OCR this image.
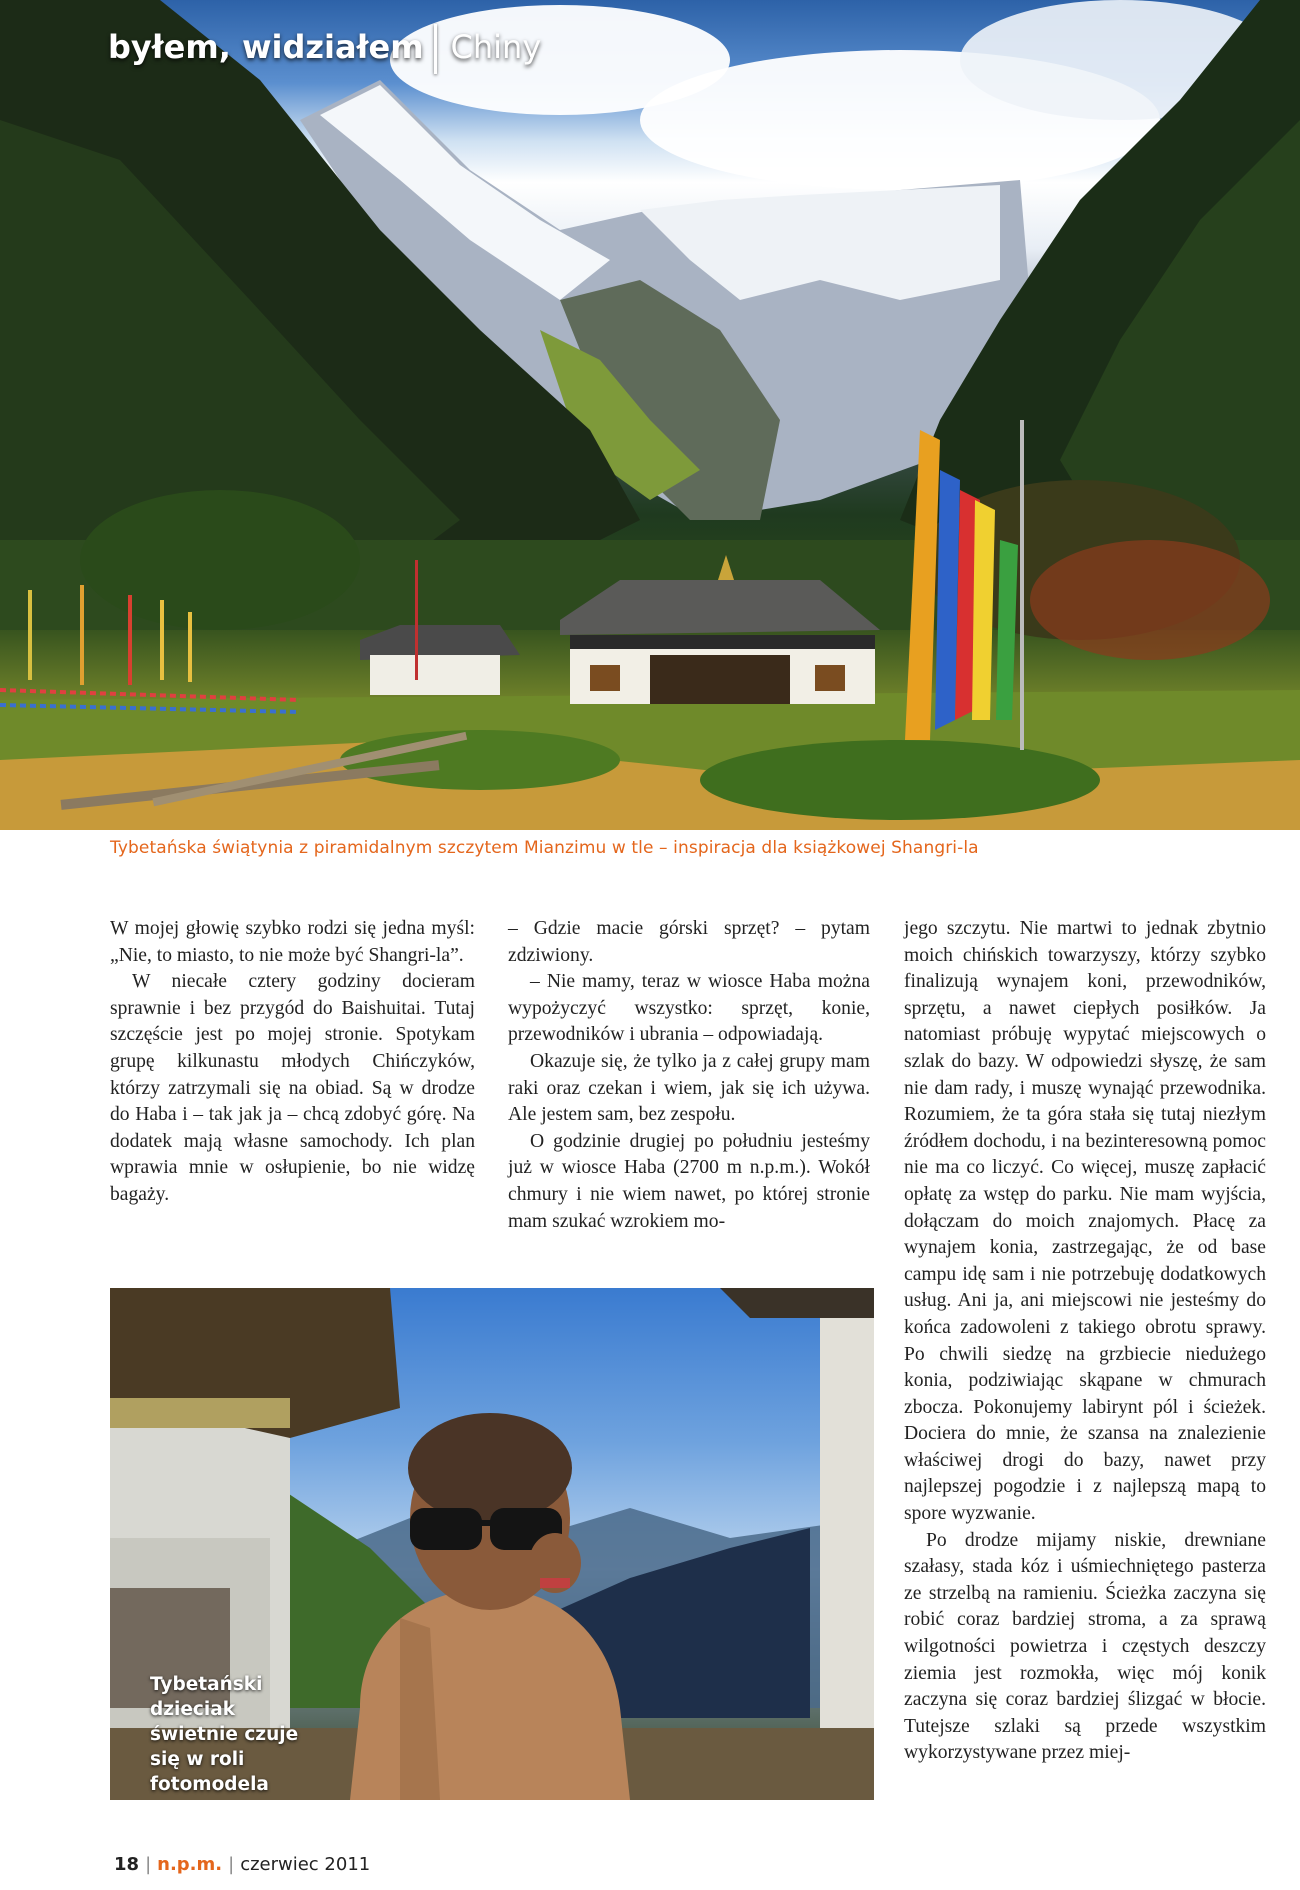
byłem, widziałem Chiny
Tybetańska świątynia z piramidalnym szczytem Mianzimu w tle – inspiracja dla książkowej Shangri-la

W mojej głowię szybko rodzi się jedna myśl: „Nie, to miasto, to nie może być Shangri-la”.

W niecałe cztery godziny docieram sprawnie i bez przygód do Baishuitai. Tutaj szczęście jest po mojej stronie. Spotykam grupę kilkunastu młodych Chińczyków, którzy zatrzymali się na obiad. Są w drodze do Haba i – tak jak ja – chcą zdobyć górę. Na dodatek mają własne samochody. Ich plan wprawia mnie w osłupienie, bo nie widzę bagaży.

– Gdzie macie górski sprzęt? – pytam zdziwiony.

– Nie mamy, teraz w wiosce Haba można wypożyczyć wszystko: sprzęt, konie, przewodników i ubrania – odpowiadają.

Okazuje się, że tylko ja z całej grupy mam raki oraz czekan i wiem, jak się ich używa. Ale jestem sam, bez zespołu.

O godzinie drugiej po południu jesteśmy już w wiosce Haba (2700 m n.p.m.). Wokół chmury i nie wiem nawet, po której stronie mam szukać wzrokiem mo-

jego szczytu. Nie martwi to jednak zbytnio moich chińskich towarzyszy, którzy szybko finalizują wynajem koni, przewodników, sprzętu, a nawet ciepłych posiłków. Ja natomiast próbuję wypytać miejscowych o szlak do bazy. W odpowiedzi słyszę, że sam nie dam rady, i muszę wynająć przewodnika. Rozumiem, że ta góra stała się tutaj niezłym źródłem dochodu, i na bezinteresowną pomoc nie ma co liczyć. Co więcej, muszę zapłacić opłatę za wstęp do parku. Nie mam wyjścia, dołączam do moich znajomych. Płacę za wynajem konia, zastrzegając, że od base campu idę sam i nie potrzebuję dodatkowych usług. Ani ja, ani miejscowi nie jesteśmy do końca zadowoleni z takiego obrotu sprawy. Po chwili siedzę na grzbiecie niedużego konia, podziwiając skąpane w chmurach zbocza. Pokonujemy labirynt pól i ścieżek. Dociera do mnie, że szansa na znalezienie właściwej drogi do bazy, nawet przy najlepszej pogodzie i z najlepszą mapą to spore wyzwanie.

Po drodze mijamy niskie, drewniane szałasy, stada kóz i uśmiechniętego pasterza ze strzelbą na ramieniu. Ścieżka zaczyna się robić coraz bardziej stroma, a za sprawą wilgotności powietrza i częstych deszczy ziemia jest rozmokła, więc mój konik zaczyna się coraz bardziej ślizgać w błocie. Tutejsze szlaki są przede wszystkim wykorzystywane przez miej-

Tybetański dzieciak świetnie czuje się w roli fotomodela
18 | n.p.m. | czerwiec 2011
